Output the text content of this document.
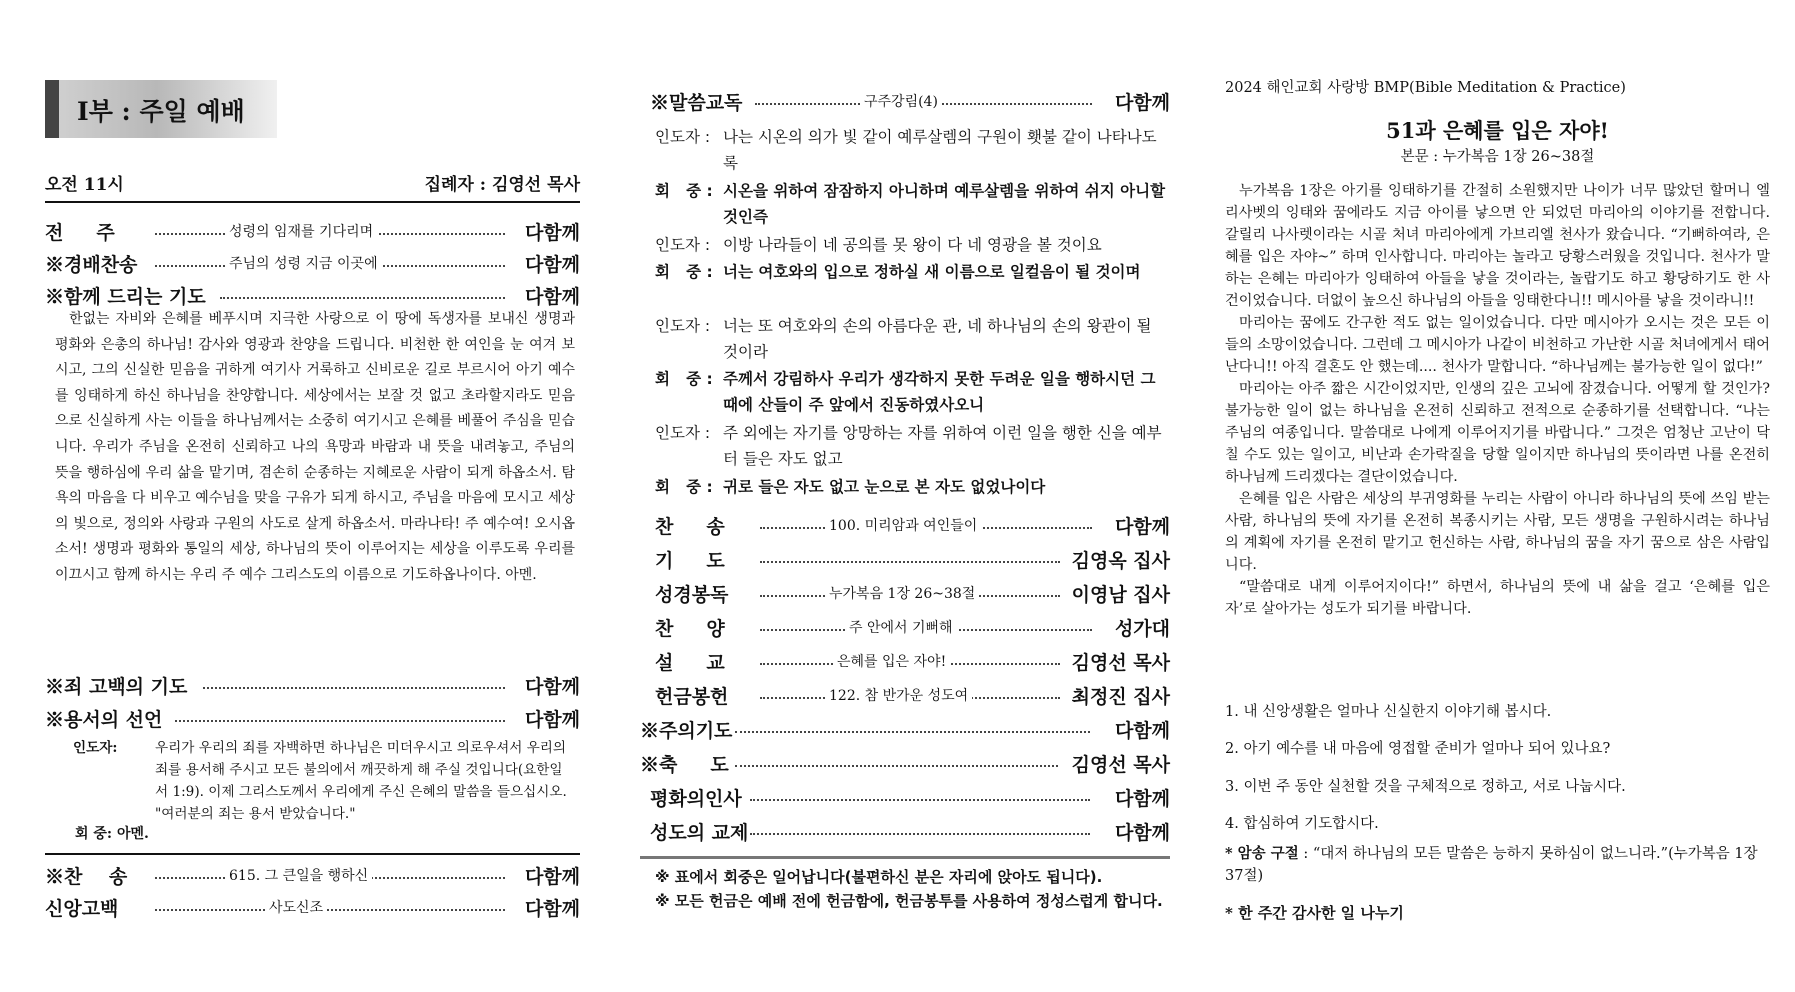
I부 : 주일 예배
오전 11시	집례자 : 김영선 목사
전     주	성령의 임재를 기다리며	다함께
※경배찬송	주님의 성령 지금 이곳에	다함께
※함께 드리는 기도	다함께
한없는 자비와 은혜를 베푸시며 지극한 사랑으로 이 땅에 독생자를 보내신 생명과 평화와 은총의 하나님! 감사와 영광과 찬양을 드립니다. 비천한 한 여인을 눈 여겨 보시고, 그의 신실한 믿음을 귀하게 여기사 거룩하고 신비로운 길로 부르시어 아기 예수를 잉태하게 하신 하나님을 찬양합니다. 세상에서는 보잘 것 없고 초라할지라도 믿음으로 신실하게 사는 이들을 하나님께서는 소중히 여기시고 은혜를 베풀어 주심을 믿습니다. 우리가 주님을 온전히 신뢰하고 나의 욕망과 바람과 내 뜻을 내려놓고, 주님의 뜻을 행하심에 우리 삶을 맡기며, 겸손히 순종하는 지혜로운 사람이 되게 하옵소서. 탐욕의 마음을 다 비우고 예수님을 맞을 구유가 되게 하시고, 주님을 마음에 모시고 세상의 빛으로, 정의와 사랑과 구원의 사도로 살게 하옵소서. 마라나타! 주 예수여! 오시옵소서! 생명과 평화와 통일의 세상, 하나님의 뜻이 이루어지는 세상을 이루도록 우리를 이끄시고 함께 하시는 우리 주 예수 그리스도의 이름으로 기도하옵나이다. 아멘.
※죄 고백의 기도	다함께
※용서의 선언	다함께
인도자:	우리가 우리의 죄를 자백하면 하나님은 미더우시고 의로우셔서 우리의 죄를 용서해 주시고 모든 불의에서 깨끗하게 해 주실 것입니다(요한일서 1:9). 이제 그리스도께서 우리에게 주신 은혜의 말씀을 들으십시오. "여러분의 죄는 용서 받았습니다."
회 중: 아멘.
※찬    송	615. 그 큰일을 행하신	다함께
신앙고백	사도신조	다함께
※말씀교독	구주강림(4)	다함께
인도자 : 나는 시온의 의가 빛 같이 예루살렘의 구원이 횃불 같이 나타나도록
회   중 : 시온을 위하여 잠잠하지 아니하며 예루살렘을 위하여 쉬지 아니할 것인즉
인도자 : 이방 나라들이 네 공의를 못 왕이 다 네 영광을 볼 것이요
회   중 : 너는 여호와의 입으로 정하실 새 이름으로 일컬음이 될 것이며
인도자 : 너는 또 여호와의 손의 아름다운 관, 네 하나님의 손의 왕관이 될 것이라
회   중 : 주께서 강림하사 우리가 생각하지 못한 두려운 일을 행하시던 그 때에 산들이 주 앞에서 진동하였사오니
인도자 : 주 외에는 자기를 앙망하는 자를 위하여 이런 일을 행한 신을 예부터 들은 자도 없고
회   중 : 귀로 들은 자도 없고 눈으로 본 자도 없었나이다
찬     송	100. 미리암과 여인들이	다함께
기     도	김영옥 집사
성경봉독	누가복음 1장 26~38절	이영남 집사
찬     양	주 안에서 기뻐해	성가대
설     교	은혜를 입은 자야!	김영선 목사
헌금봉헌	122. 참 반가운 성도여	최정진 집사
※주의기도	다함께
※축     도	김영선 목사
평화의인사	다함께
성도의 교제	다함께
※ 표에서 회중은 일어납니다(불편하신 분은 자리에 앉아도 됩니다).
※ 모든 헌금은 예배 전에 헌금함에, 헌금봉투를 사용하여 정성스럽게 합니다.
2024 해인교회 사랑방 BMP(Bible Meditation & Practice)
51과 은혜를 입은 자야!
본문 : 누가복음 1장 26~38절

누가복음 1장은 아기를 잉태하기를 간절히 소원했지만 나이가 너무 많았던 할머니 엘리사벳의 잉태와 꿈에라도 지금 아이를 낳으면 안 되었던 마리아의 이야기를 전합니다. 갈릴리 나사렛이라는 시골 처녀 마리아에게 가브리엘 천사가 왔습니다. “기뻐하여라, 은혜를 입은 자야~” 하며 인사합니다. 마리아는 놀라고 당황스러웠을 것입니다. 천사가 말하는 은혜는 마리아가 잉태하여 아들을 낳을 것이라는, 놀랍기도 하고 황당하기도 한 사건이었습니다. 더없이 높으신 하나님의 아들을 잉태한다니!! 메시아를 낳을 것이라니!!

마리아는 꿈에도 간구한 적도 없는 일이었습니다. 다만 메시아가 오시는 것은 모든 이들의 소망이었습니다. 그런데 그 메시아가 나같이 비천하고 가난한 시골 처녀에게서 태어난다니!! 아직 결혼도 안 했는데.... 천사가 말합니다. “하나님께는 불가능한 일이 없다!”

마리아는 아주 짧은 시간이었지만, 인생의 깊은 고뇌에 잠겼습니다. 어떻게 할 것인가? 불가능한 일이 없는 하나님을 온전히 신뢰하고 전적으로 순종하기를 선택합니다. “나는 주님의 여종입니다. 말씀대로 나에게 이루어지기를 바랍니다.” 그것은 엄청난 고난이 닥칠 수도 있는 일이고, 비난과 손가락질을 당할 일이지만 하나님의 뜻이라면 나를 온전히 하나님께 드리겠다는 결단이었습니다.

은혜를 입은 사람은 세상의 부귀영화를 누리는 사람이 아니라 하나님의 뜻에 쓰임 받는 사람, 하나님의 뜻에 자기를 온전히 복종시키는 사람, 모든 생명을 구원하시려는 하나님의 계획에 자기를 온전히 맡기고 헌신하는 사람, 하나님의 꿈을 자기 꿈으로 삼은 사람입니다.

“말씀대로 내게 이루어지이다!” 하면서, 하나님의 뜻에 내 삶을 걸고 ‘은혜를 입은 자’로 살아가는 성도가 되기를 바랍니다.

1. 내 신앙생활은 얼마나 신실한지 이야기해 봅시다.
2. 아기 예수를 내 마음에 영접할 준비가 얼마나 되어 있나요?
3. 이번 주 동안 실천할 것을 구체적으로 정하고, 서로 나눕시다.
4. 합심하여 기도합시다.
* 암송 구절 : “대저 하나님의 모든 말씀은 능하지 못하심이 없느니라.”(누가복음 1장 37절)
* 한 주간 감사한 일 나누기
